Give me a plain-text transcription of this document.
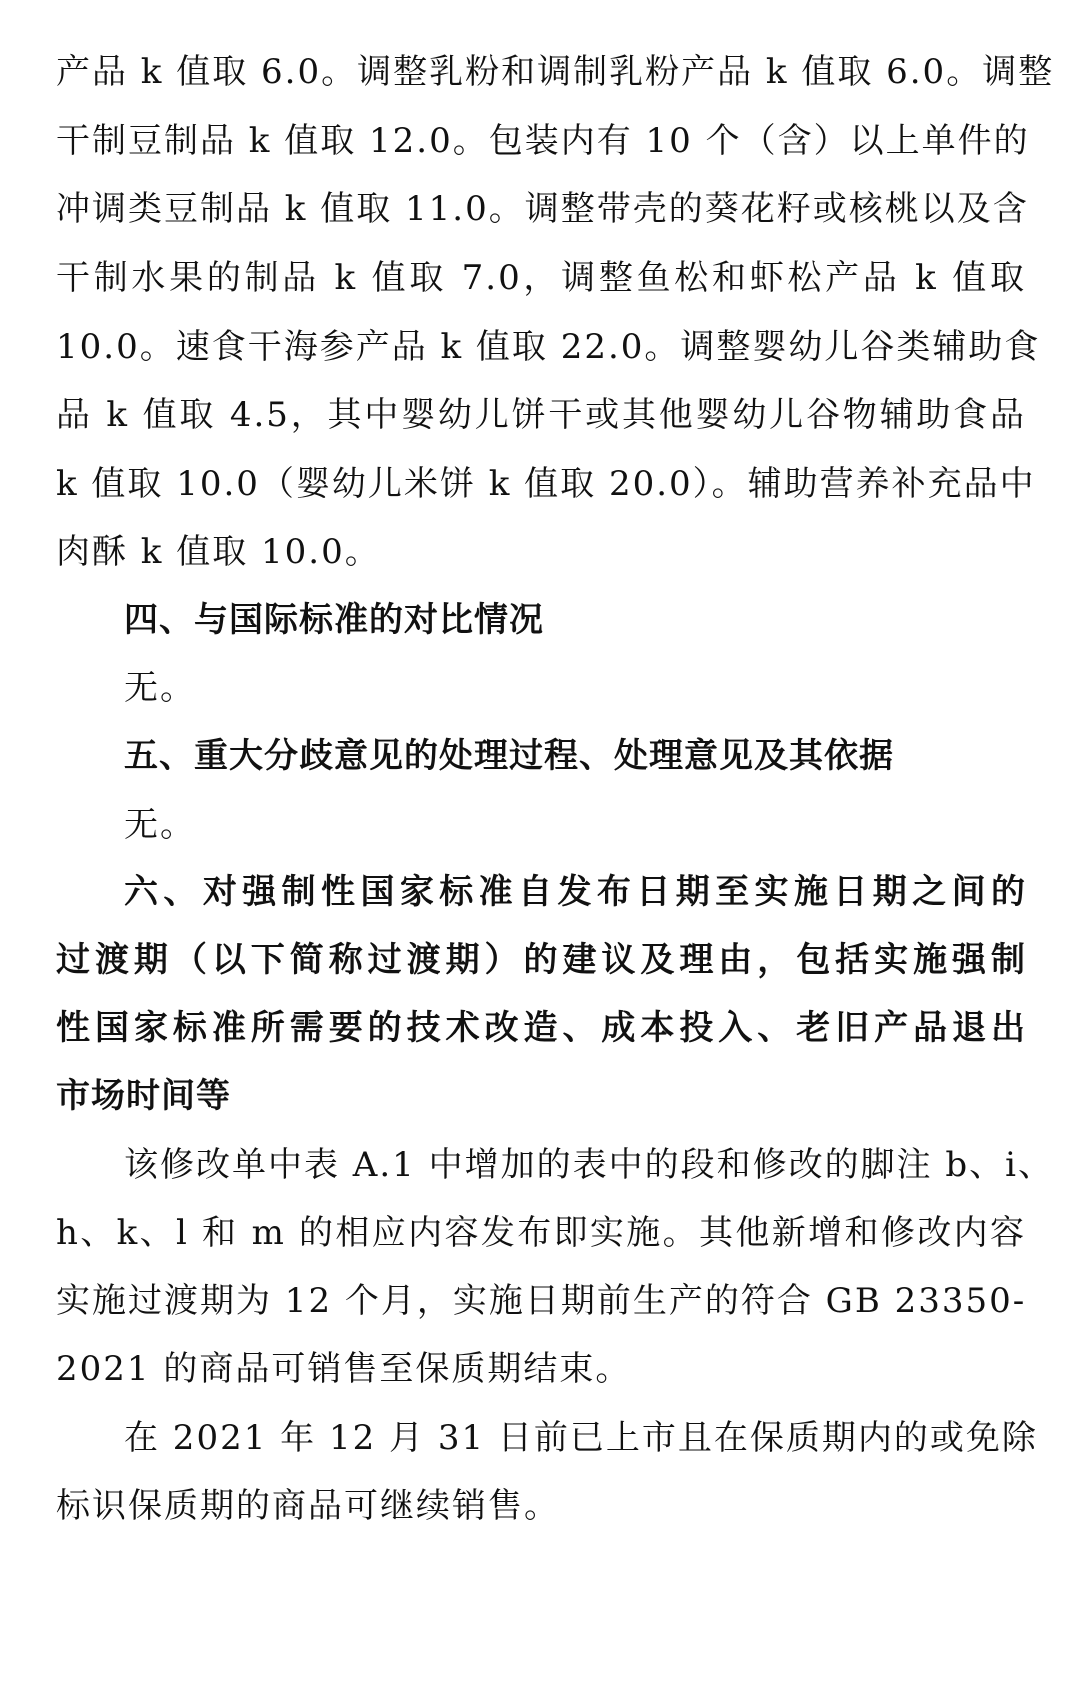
产品 k 值取 6.0。调整乳粉和调制乳粉产品 k 值取 6.0。调整
干制豆制品 k 值取 12.0。包装内有 10 个（含）以上单件的
冲调类豆制品 k 值取 11.0。调整带壳的葵花籽或核桃以及含
干制水果的制品 k 值取 7.0，调整鱼松和虾松产品 k 值取
10.0。速食干海参产品 k 值取 22.0。调整婴幼儿谷类辅助食
品 k 值取 4.5，其中婴幼儿饼干或其他婴幼儿谷物辅助食品
k 值取 10.0（婴幼儿米饼 k 值取 20.0）。辅助营养补充品中
肉酥 k 值取 10.0。
四、与国际标准的对比情况
无。
五、重大分歧意见的处理过程、处理意见及其依据
无。
六、对强制性国家标准自发布日期至实施日期之间的
过渡期（以下简称过渡期）的建议及理由，包括实施强制
性国家标准所需要的技术改造、成本投入、老旧产品退出
市场时间等
该修改单中表 A.1 中增加的表中的段和修改的脚注 b、i、
h、k、l 和 m 的相应内容发布即实施。其他新增和修改内容
实施过渡期为 12 个月，实施日期前生产的符合 GB 23350-
2021 的商品可销售至保质期结束。
在 2021 年 12 月 31 日前已上市且在保质期内的或免除
标识保质期的商品可继续销售。
